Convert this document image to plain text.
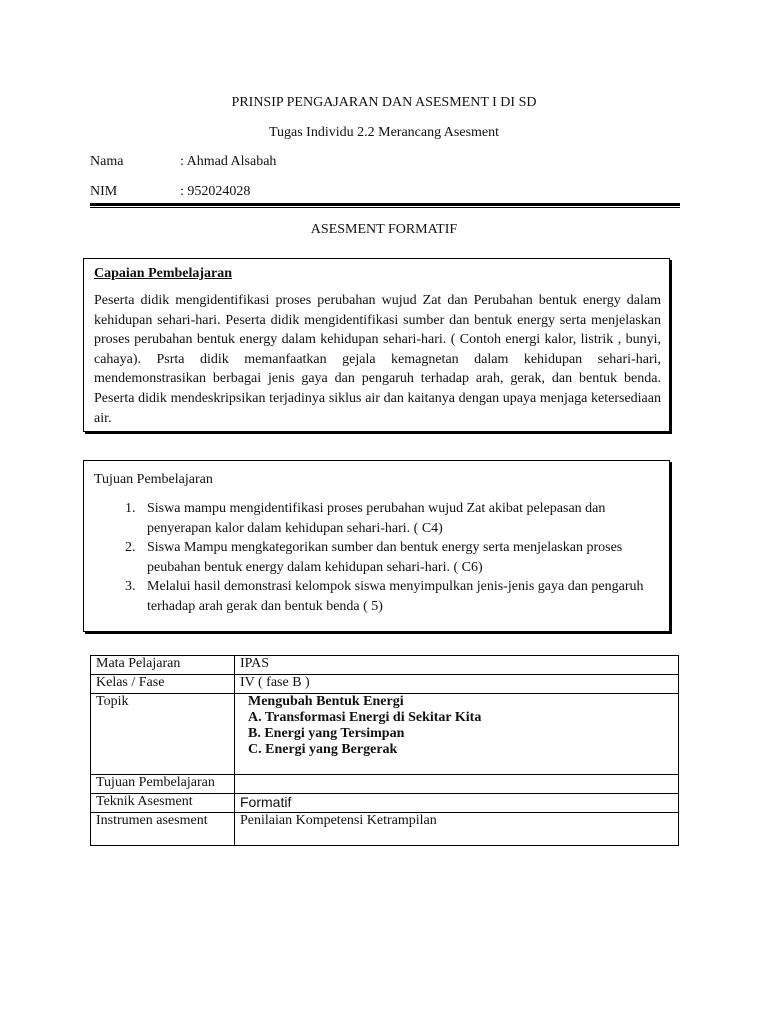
PRINSIP PENGAJARAN DAN ASESMENT I DI SD
Tugas Individu 2.2 Merancang Asesment
Nama	: Ahmad Alsabah
NIM	: 952024028
ASESMENT FORMATIF
Capaian Pembelajaran

Peserta didik mengidentifikasi proses perubahan wujud Zat dan Perubahan bentuk energy dalam kehidupan sehari-hari. Peserta didik mengidentifikasi sumber dan bentuk energy serta menjelaskan proses perubahan bentuk energy dalam kehidupan sehari-hari. ( Contoh energi kalor, listrik , bunyi, cahaya). Psrta didik memanfaatkan gejala kemagnetan dalam kehidupan sehari-hari, mendemonstrasikan berbagai jenis gaya dan pengaruh terhadap arah, gerak, dan bentuk benda. Peserta didik mendeskripsikan terjadinya siklus air dan kaitanya dengan upaya menjaga ketersediaan air.

Tujuan Pembelajaran
1. Siswa mampu mengidentifikasi proses perubahan wujud Zat akibat pelepasan dan penyerapan kalor dalam kehidupan sehari-hari. ( C4)
2. Siswa Mampu mengkategorikan sumber dan bentuk energy serta menjelaskan proses peubahan bentuk energy dalam kehidupan sehari-hari. ( C6)
3. Melalui hasil demonstrasi kelompok siswa menyimpulkan jenis-jenis gaya dan pengaruh terhadap arah gerak dan bentuk benda ( 5)
Mata Pelajaran	IPAS
Kelas / Fase	IV ( fase B )
Topik	Mengubah Bentuk Energi
A. Transformasi Energi di Sekitar Kita
B. Energi yang Tersimpan
C. Energi yang Bergerak

Tujuan Pembelajaran	
Teknik Asesment	Formatif
Instrumen asesment	Penilaian Kompetensi Ketrampilan
